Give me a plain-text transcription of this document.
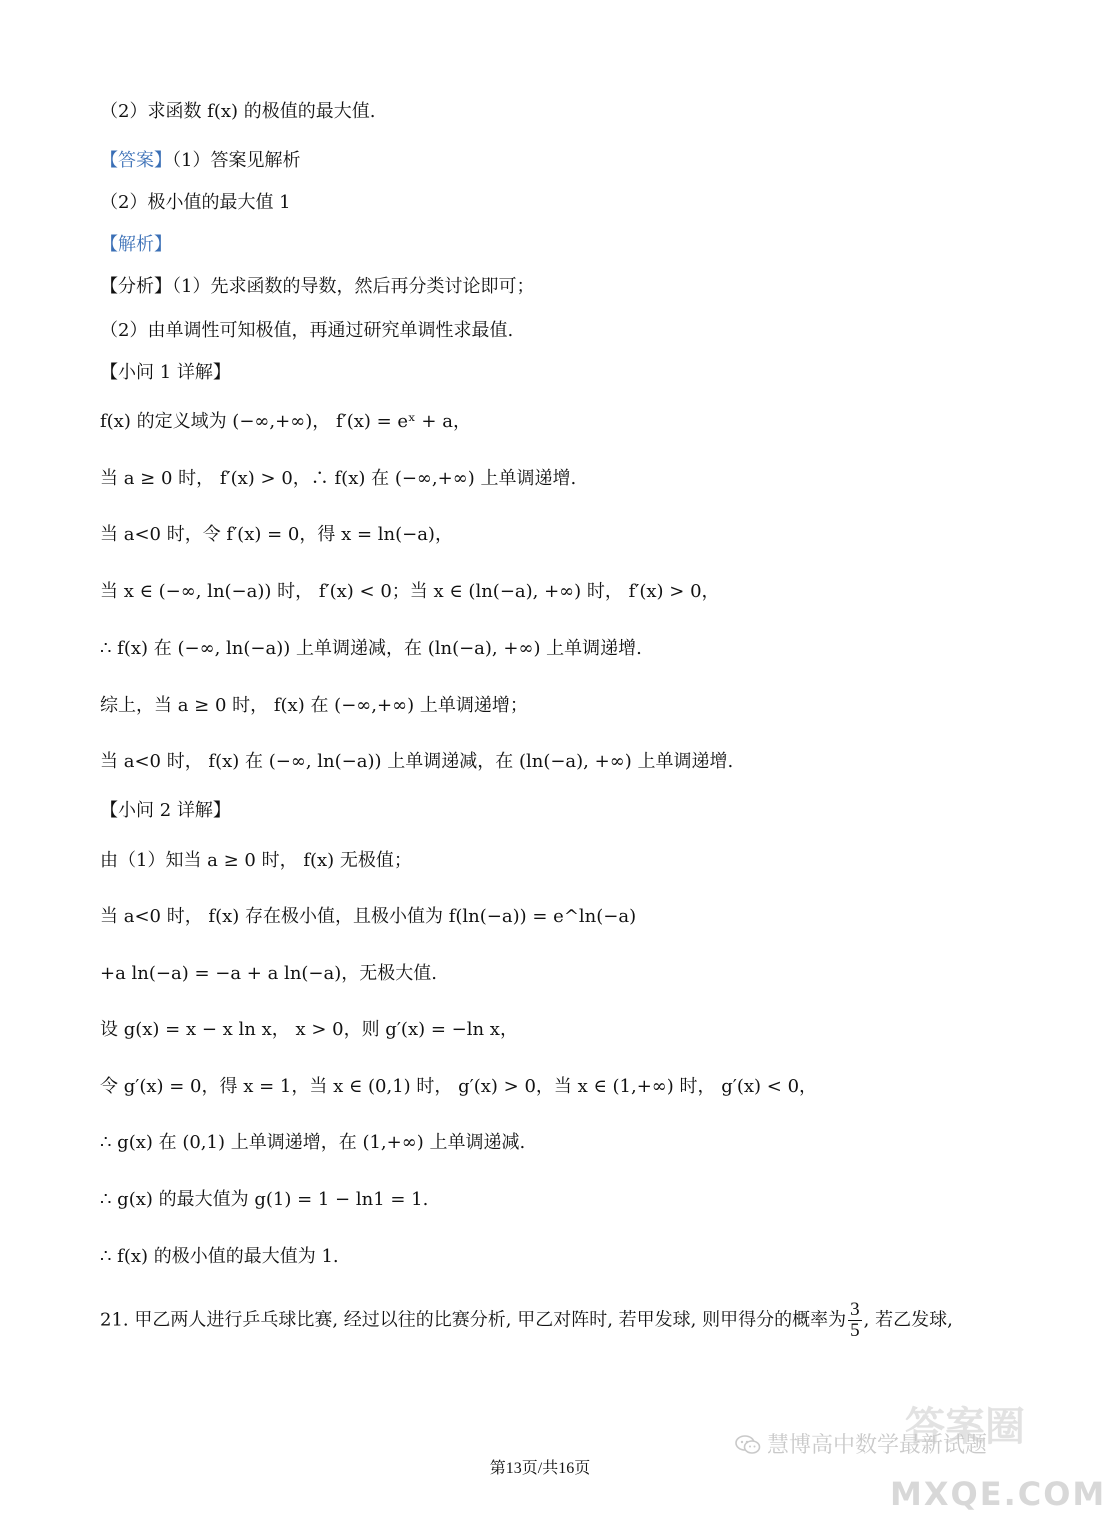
（2）求函数 f(x) 的极值的最大值.
【答案】（1）答案见解析
（2）极小值的最大值 1
【解析】
【分析】（1）先求函数的导数，然后再分类讨论即可；
（2）由单调性可知极值，再通过研究单调性求最值.
【小问 1 详解】
f(x) 的定义域为 (−∞,+∞)， f′(x) = eˣ + a，
当 a ≥ 0 时， f′(x) > 0，∴ f(x) 在 (−∞,+∞) 上单调递增.
当 a<0 时，令 f′(x) = 0，得 x = ln(−a)，
当 x ∈ (−∞, ln(−a)) 时， f′(x) < 0；当 x ∈ (ln(−a), +∞) 时， f′(x) > 0，
∴ f(x) 在 (−∞, ln(−a)) 上单调递减，在 (ln(−a), +∞) 上单调递增.
综上，当 a ≥ 0 时， f(x) 在 (−∞,+∞) 上单调递增；
当 a<0 时， f(x) 在 (−∞, ln(−a)) 上单调递减，在 (ln(−a), +∞) 上单调递增.
【小问 2 详解】
由（1）知当 a ≥ 0 时， f(x) 无极值；
当 a<0 时， f(x) 存在极小值，且极小值为 f(ln(−a)) = e^ln(−a)
+a ln(−a) = −a + a ln(−a)，无极大值.
设 g(x) = x − x ln x， x > 0，则 g′(x) = −ln x，
令 g′(x) = 0，得 x = 1，当 x ∈ (0,1) 时， g′(x) > 0，当 x ∈ (1,+∞) 时， g′(x) < 0，
∴ g(x) 在 (0,1) 上单调递增，在 (1,+∞) 上单调递减.
∴ g(x) 的最大值为 g(1) = 1 − ln1 = 1.
∴ f(x) 的极小值的最大值为 1.
21. 甲乙两人进行乒乓球比赛, 经过以往的比赛分析, 甲乙对阵时, 若甲发球, 则甲得分的概率为 $\frac{3}{5}$ , 若乙发球,
答案圈
慧博高中数学最新试题
第13页/共16页
MXQE.COM
